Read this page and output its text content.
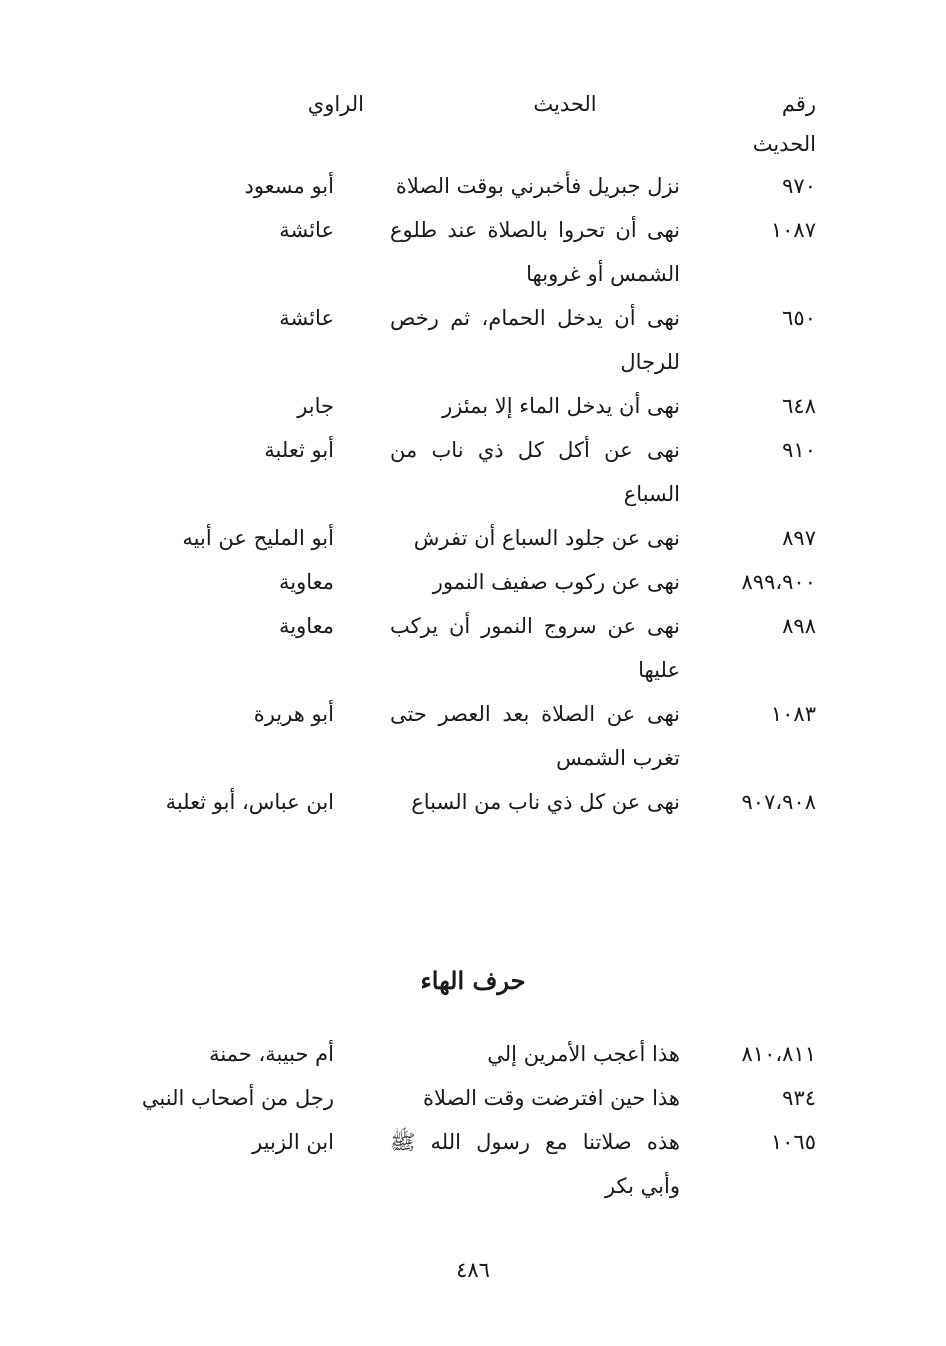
رقم الحديث
الحديث
الراوي
٩٧٠
نزل جبريل فأخبرني بوقت الصلاة
أبو مسعود
١٠٨٧
نهى أن تحروا بالصلاة عند طلوع الشمس أو غروبها
عائشة
٦٥٠
نهى أن يدخل الحمام، ثم رخص للرجال
عائشة
٦٤٨
نهى أن يدخل الماء إلا بمئزر
جابر
٩١٠
نهى عن أكل كل ذي ناب من السباع
أبو ثعلبة
٨٩٧
نهى عن جلود السباع أن تفرش
أبو المليح عن أبيه
٨٩٩،٩٠٠
نهى عن ركوب صفيف النمور
معاوية
٨٩٨
نهى عن سروج النمور أن يركب عليها
معاوية
١٠٨٣
نهى عن الصلاة بعد العصر حتى تغرب الشمس
أبو هريرة
٩٠٧،٩٠٨
نهى عن كل ذي ناب من السباع
ابن عباس، أبو ثعلبة
حرف الهاء
٨١٠،٨١١
هذا أعجب الأمرين إلي
أم حبيبة، حمنة
٩٣٤
هذا حين افترضت وقت الصلاة
رجل من أصحاب النبي
١٠٦٥
هذه صلاتنا مع رسول الله ﷺ وأبي بكر
ابن الزبير
٤٨٦
